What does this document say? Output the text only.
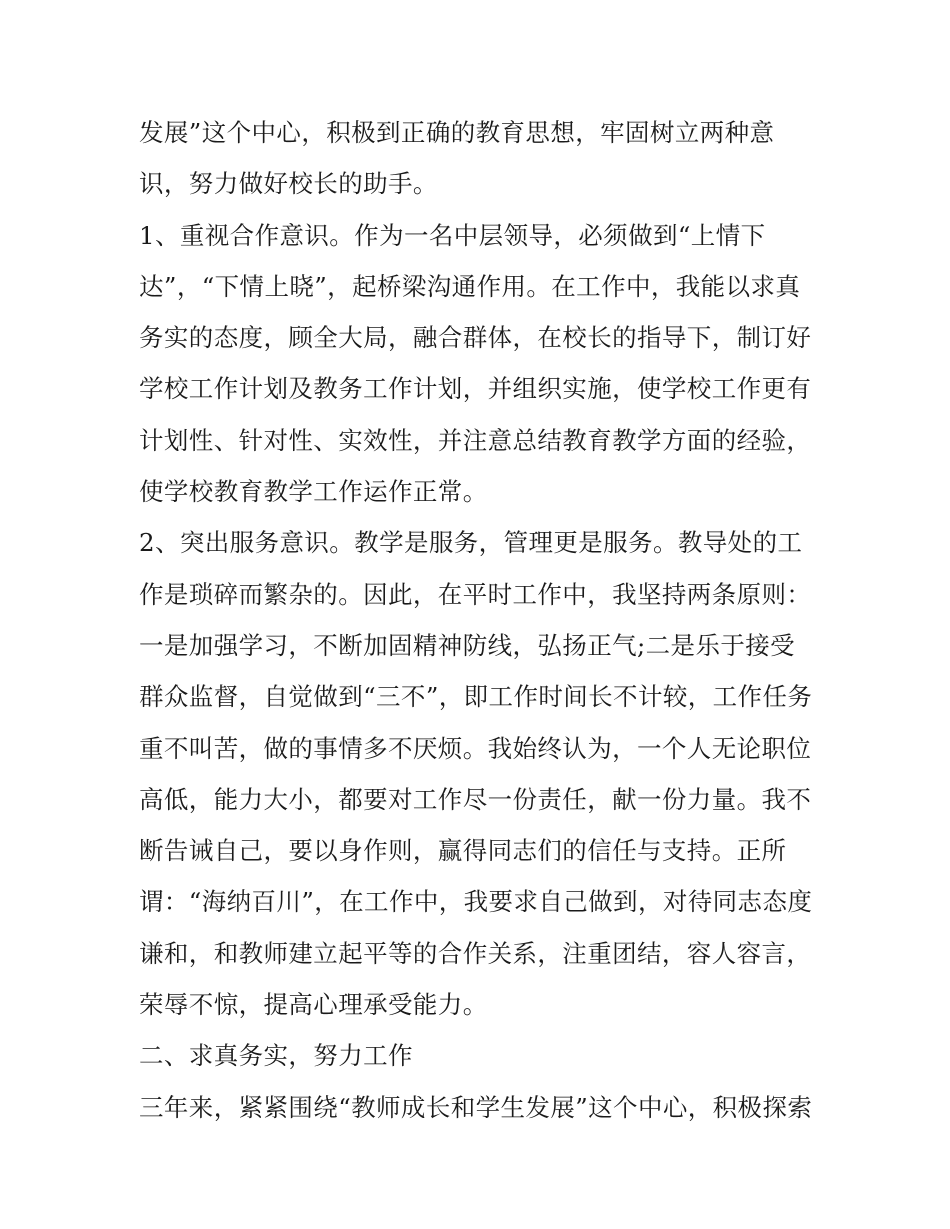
发展”这个中心，积极到正确的教育思想，牢固树立两种意
识，努力做好校长的助手。
1、重视合作意识。作为一名中层领导，必须做到“上情下
达”，“下情上晓”，起桥梁沟通作用。在工作中，我能以求真
务实的态度，顾全大局，融合群体，在校长的指导下，制订好
学校工作计划及教务工作计划，并组织实施，使学校工作更有
计划性、针对性、实效性，并注意总结教育教学方面的经验，
使学校教育教学工作运作正常。
2、突出服务意识。教学是服务，管理更是服务。教导处的工
作是琐碎而繁杂的。因此，在平时工作中，我坚持两条原则：
一是加强学习，不断加固精神防线，弘扬正气;二是乐于接受
群众监督，自觉做到“三不”，即工作时间长不计较，工作任务
重不叫苦，做的事情多不厌烦。我始终认为，一个人无论职位
高低，能力大小，都要对工作尽一份责任，献一份力量。我不
断告诫自己，要以身作则，赢得同志们的信任与支持。正所
谓：“海纳百川”，在工作中，我要求自己做到，对待同志态度
谦和，和教师建立起平等的合作关系，注重团结，容人容言，
荣辱不惊，提高心理承受能力。
二、求真务实，努力工作
三年来，紧紧围绕“教师成长和学生发展”这个中心，积极探索
